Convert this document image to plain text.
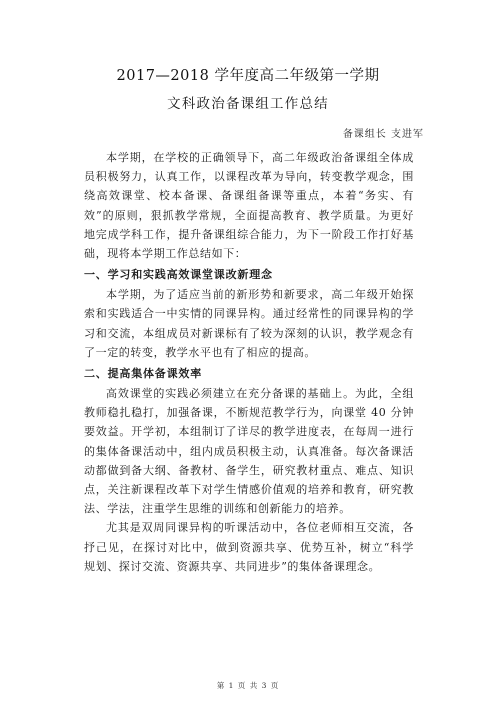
2017—2018 学年度高二年级第一学期
文科政治备课组工作总结
备课组长 支进军

本学期，在学校的正确领导下，高二年级政治备课组全体成员积极努力，认真工作，以课程改革为导向，转变教学观念，围绕高效课堂、校本备课、备课组备课等重点，本着“务实、有效”的原则，狠抓教学常规，全面提高教育、教学质量。为更好地完成学科工作，提升备课组综合能力，为下一阶段工作打好基础，现将本学期工作总结如下：

一、学习和实践高效课堂课改新理念

本学期，为了适应当前的新形势和新要求，高二年级开始探索和实践适合一中实情的同课异构。通过经常性的同课异构的学习和交流，本组成员对新课标有了较为深刻的认识，教学观念有了一定的转变，教学水平也有了相应的提高。

二、提高集体备课效率

高效课堂的实践必须建立在充分备课的基础上。为此，全组教师稳扎稳打，加强备课，不断规范教学行为，向课堂 40 分钟要效益。开学初，本组制订了详尽的教学进度表，在每周一进行的集体备课活动中，组内成员积极主动，认真准备。每次备课活动都做到备大纲、备教材、备学生，研究教材重点、难点、知识点，关注新课程改革下对学生情感价值观的培养和教育，研究教法、学法，注重学生思维的训练和创新能力的培养。

尤其是双周同课异构的听课活动中，各位老师相互交流，各抒己见，在探讨对比中，做到资源共享、优势互补，树立“科学规划、探讨交流、资源共享、共同进步”的集体备课理念。

第 1 页 共 3 页
